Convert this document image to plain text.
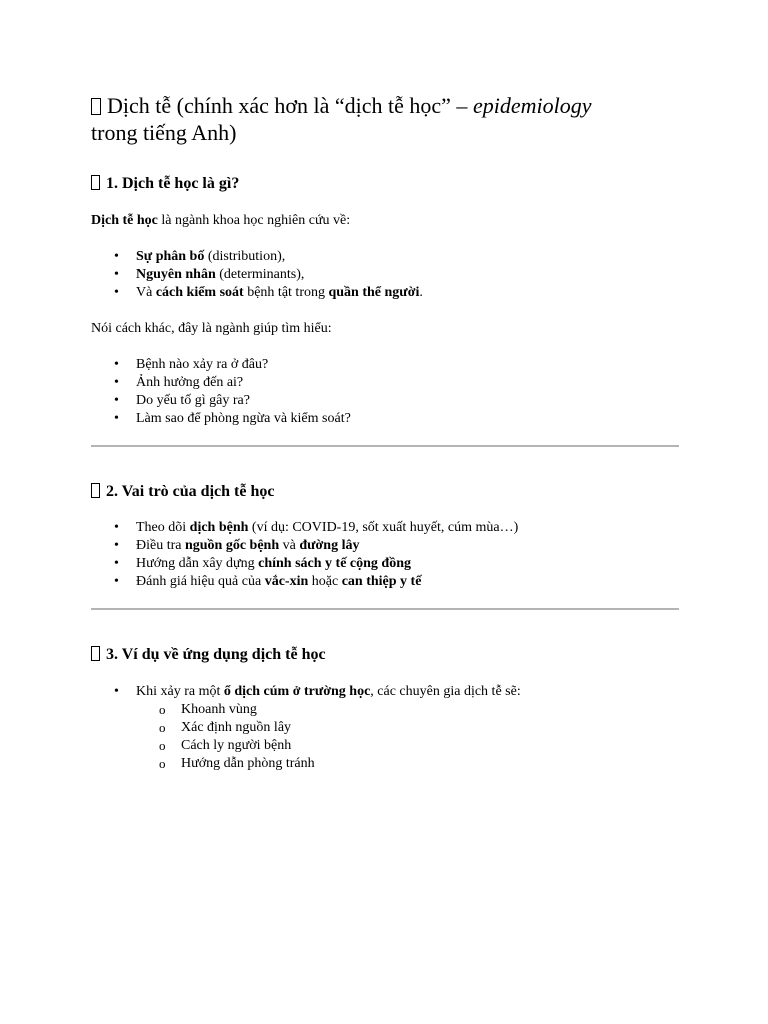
Dịch tễ (chính xác hơn là “dịch tễ học” – epidemiology
trong tiếng Anh)
1. Dịch tễ học là gì?

Dịch tễ học là ngành khoa học nghiên cứu về:

• Sự phân bố (distribution),
• Nguyên nhân (determinants),
• Và cách kiểm soát bệnh tật trong quần thể người.

Nói cách khác, đây là ngành giúp tìm hiểu:

• Bệnh nào xảy ra ở đâu?
• Ảnh hưởng đến ai?
• Do yếu tố gì gây ra?
• Làm sao để phòng ngừa và kiểm soát?
2. Vai trò của dịch tễ học
• Theo dõi dịch bệnh (ví dụ: COVID-19, sốt xuất huyết, cúm mùa…)
• Điều tra nguồn gốc bệnh và đường lây
• Hướng dẫn xây dựng chính sách y tế cộng đồng
• Đánh giá hiệu quả của vắc-xin hoặc can thiệp y tế
3. Ví dụ về ứng dụng dịch tễ học
• Khi xảy ra một ổ dịch cúm ở trường học, các chuyên gia dịch tễ sẽ:
o Khoanh vùng
o Xác định nguồn lây
o Cách ly người bệnh
o Hướng dẫn phòng tránh
